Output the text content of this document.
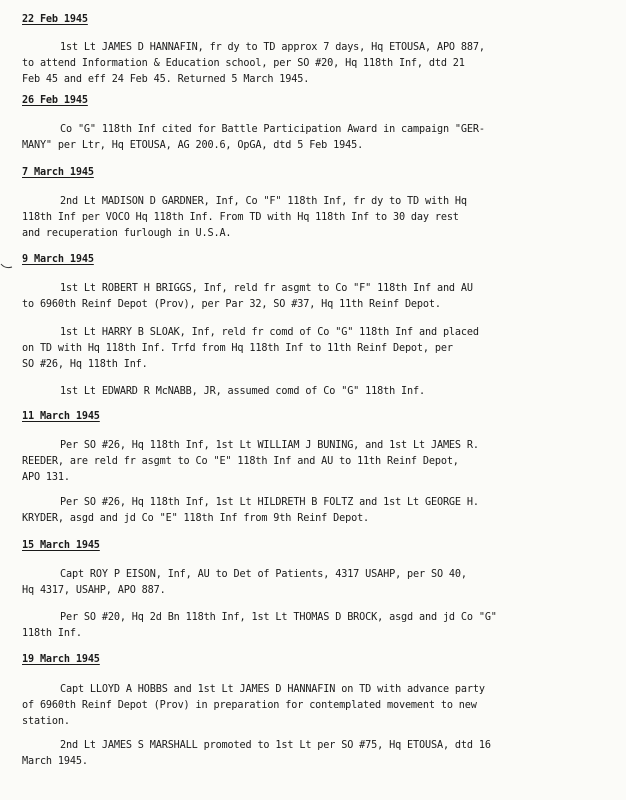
22 Feb 1945
1st Lt JAMES D HANNAFIN, fr dy to TD approx 7 days, Hq ETOUSA, APO 887,
to attend Information & Education school, per SO #20, Hq 118th Inf, dtd 21
Feb 45 and eff 24 Feb 45. Returned 5 March 1945.
26 Feb 1945
Co "G" 118th Inf cited for Battle Participation Award in campaign "GER-
MANY" per Ltr, Hq ETOUSA, AG 200.6, OpGA, dtd 5 Feb 1945.
7 March 1945
2nd Lt MADISON D GARDNER, Inf, Co "F" 118th Inf, fr dy to TD with Hq
118th Inf per VOCO Hq 118th Inf. From TD with Hq 118th Inf to 30 day rest
and recuperation furlough in U.S.A.
9 March 1945
1st Lt ROBERT H BRIGGS, Inf, reld fr asgmt to Co "F" 118th Inf and AU
to 6960th Reinf Depot (Prov), per Par 32, SO #37, Hq 11th Reinf Depot.
1st Lt HARRY B SLOAK, Inf, reld fr comd of Co "G" 118th Inf and placed
on TD with Hq 118th Inf. Trfd from Hq 118th Inf to 11th Reinf Depot, per
SO #26, Hq 118th Inf.
1st Lt EDWARD R McNABB, JR, assumed comd of Co "G" 118th Inf.
11 March 1945
Per SO #26, Hq 118th Inf, 1st Lt WILLIAM J BUNING, and 1st Lt JAMES R.
REEDER, are reld fr asgmt to Co "E" 118th Inf and AU to 11th Reinf Depot,
APO 131.
Per SO #26, Hq 118th Inf, 1st Lt HILDRETH B FOLTZ and 1st Lt GEORGE H.
KRYDER, asgd and jd Co "E" 118th Inf from 9th Reinf Depot.
15 March 1945
Capt ROY P EISON, Inf, AU to Det of Patients, 4317 USAHP, per SO 40,
Hq 4317, USAHP, APO 887.
Per SO #20, Hq 2d Bn 118th Inf, 1st Lt THOMAS D BROCK, asgd and jd Co "G"
118th Inf.
19 March 1945
Capt LLOYD A HOBBS and 1st Lt JAMES D HANNAFIN on TD with advance party
of 6960th Reinf Depot (Prov) in preparation for contemplated movement to new
station.
2nd Lt JAMES S MARSHALL promoted to 1st Lt per SO #75, Hq ETOUSA, dtd 16
March 1945.
